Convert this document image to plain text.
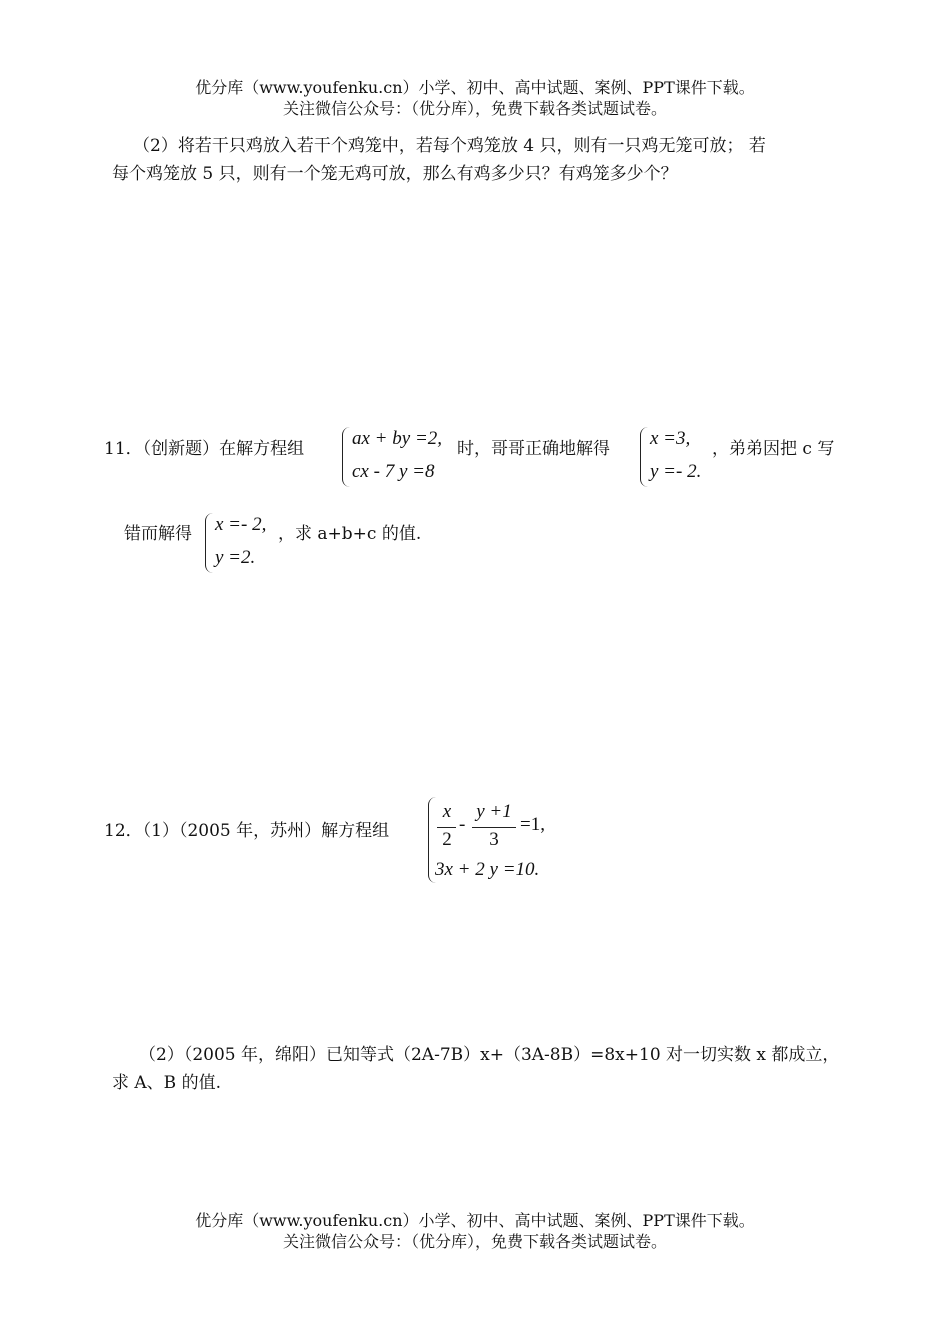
优分库（www.youfenku.cn）小学、初中、高中试题、案例、PPT课件下载。
关注微信公众号：（优分库），免费下载各类试题试卷。
（2）将若干只鸡放入若干个鸡笼中，若每个鸡笼放 4 只，则有一只鸡无笼可放； 若
每个鸡笼放 5 只，则有一个笼无鸡可放，那么有鸡多少只？有鸡笼多少个？
11．（创新题）在解方程组	ax + by =2,
cx - 7 y =8
时，哥哥正确地解得 x =3,
y =- 2.
，弟弟因把 c 写
错而解得 x =- 2,
y =2.
，求 a+b+c 的值.
12．（1）（2005 年，苏州）解方程组
x
2
-
y +1
3
=1,
3x + 2 y =10.
（2）（2005 年，绵阳）已知等式（2A-7B）x+（3A-8B）=8x+10 对一切实数 x 都成立，
求 A、B 的值.
优分库（www.youfenku.cn）小学、初中、高中试题、案例、PPT课件下载。
关注微信公众号：（优分库），免费下载各类试题试卷。
